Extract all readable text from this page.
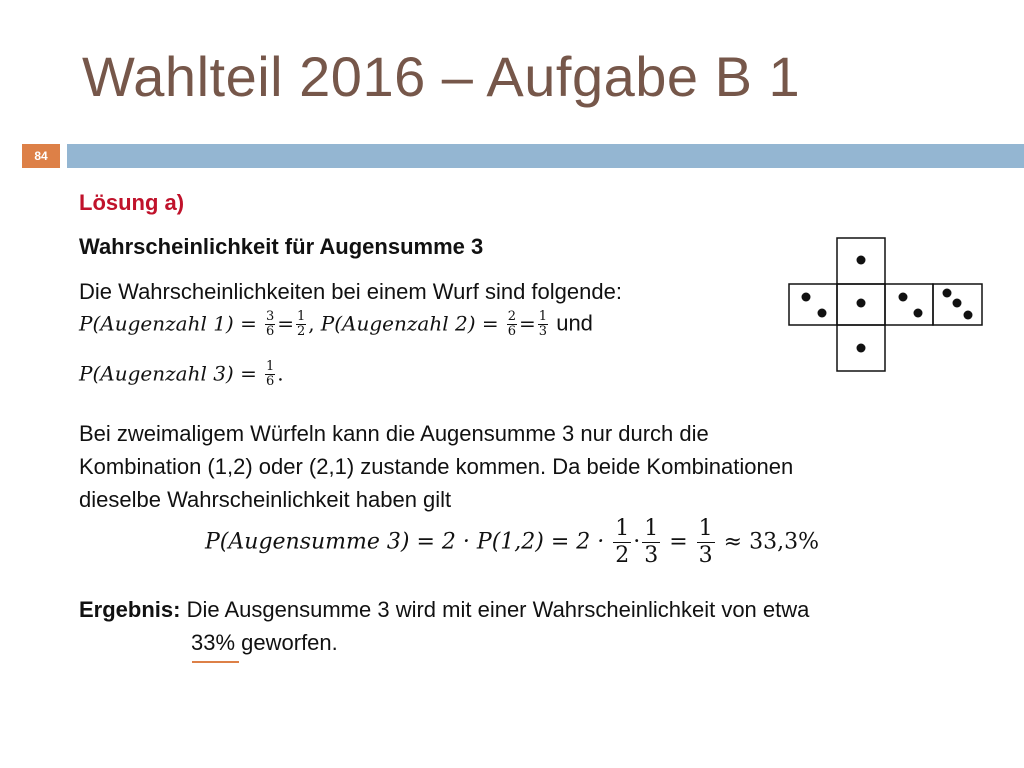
Wahlteil 2016 – Aufgabe B 1
84
Lösung a)
Wahrscheinlichkeit für Augensumme 3
Die Wahrscheinlichkeiten bei einem Wurf sind folgende:
P(Augenzahl $1) = \frac{3}{6} = \frac{1}{2}$ , P(Augenzahl $2) = \frac{2}{6} = \frac{1}{3}$ und
P(Augenzahl $3) = \frac{1}{6}$ .
Bei zweimaligem Würfeln kann die Augensumme 3 nur durch die
Kombination (1,2) oder (2,1) zustande kommen. Da beide Kombinationen
dieselbe Wahrscheinlichkeit haben gilt
P(Augensumme $3) = 2 \cdot P(1,2) = 2 \cdot \frac{1}{2} \cdot \frac{1}{3} = \frac{1}{3} \approx 33,3\%$
Ergebnis: Die Ausgensumme 3 wird mit einer Wahrscheinlichkeit von etwa
33% geworfen.
